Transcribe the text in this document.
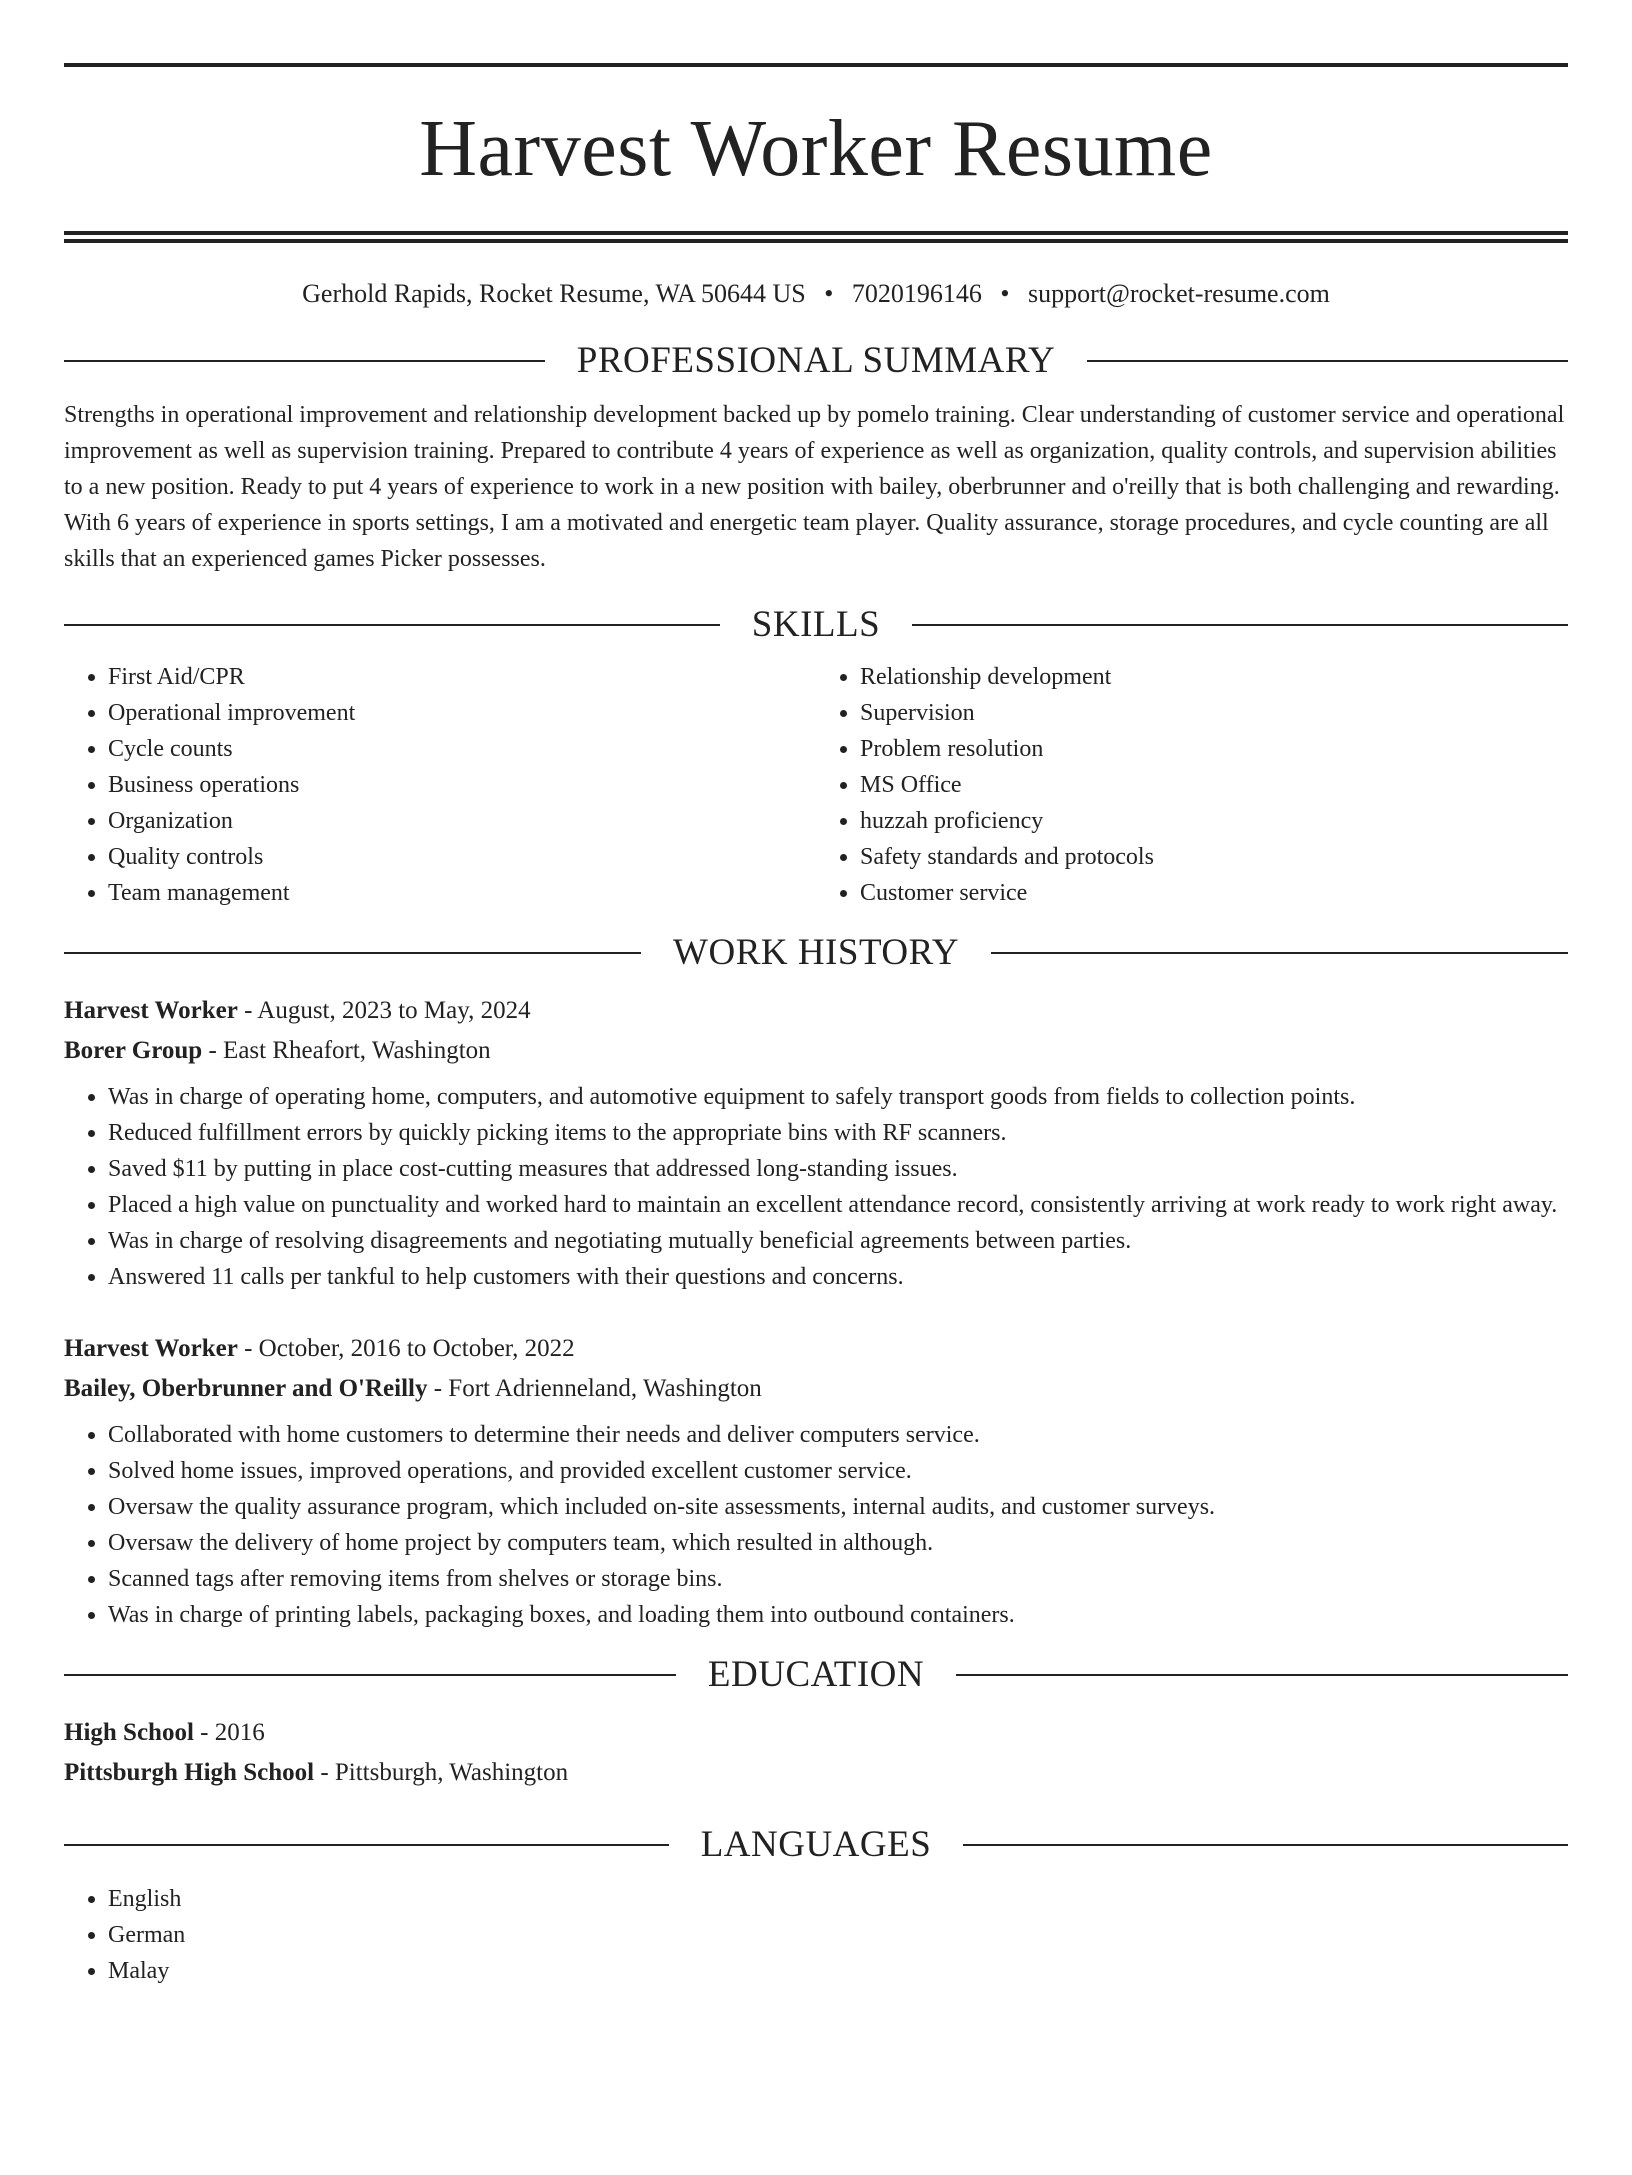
Harvest Worker Resume
Gerhold Rapids, Rocket Resume, WA 50644 US • 7020196146 • support@rocket-resume.com
PROFESSIONAL SUMMARY

Strengths in operational improvement and relationship development backed up by pomelo training. Clear understanding of customer service and operational improvement as well as supervision training. Prepared to contribute 4 years of experience as well as organization, quality controls, and supervision abilities to a new position. Ready to put 4 years of experience to work in a new position with bailey, oberbrunner and o'reilly that is both challenging and rewarding. With 6 years of experience in sports settings, I am a motivated and energetic team player. Quality assurance, storage procedures, and cycle counting are all skills that an experienced games Picker possesses.

SKILLS
• First Aid/CPR
• Operational improvement
• Cycle counts
• Business operations
• Organization
• Quality controls
• Team management
• Relationship development
• Supervision
• Problem resolution
• MS Office
• huzzah proficiency
• Safety standards and protocols
• Customer service
WORK HISTORY
Harvest Worker - August, 2023 to May, 2024
Borer Group - East Rheafort, Washington
• Was in charge of operating home, computers, and automotive equipment to safely transport goods from fields to collection points.
• Reduced fulfillment errors by quickly picking items to the appropriate bins with RF scanners.
• Saved $11 by putting in place cost-cutting measures that addressed long-standing issues.
• Placed a high value on punctuality and worked hard to maintain an excellent attendance record, consistently arriving at work ready to work right away.
• Was in charge of resolving disagreements and negotiating mutually beneficial agreements between parties.
• Answered 11 calls per tankful to help customers with their questions and concerns.
Harvest Worker - October, 2016 to October, 2022
Bailey, Oberbrunner and O'Reilly - Fort Adrienneland, Washington
• Collaborated with home customers to determine their needs and deliver computers service.
• Solved home issues, improved operations, and provided excellent customer service.
• Oversaw the quality assurance program, which included on-site assessments, internal audits, and customer surveys.
• Oversaw the delivery of home project by computers team, which resulted in although.
• Scanned tags after removing items from shelves or storage bins.
• Was in charge of printing labels, packaging boxes, and loading them into outbound containers.
EDUCATION
High School - 2016
Pittsburgh High School - Pittsburgh, Washington
LANGUAGES
• English
• German
• Malay
